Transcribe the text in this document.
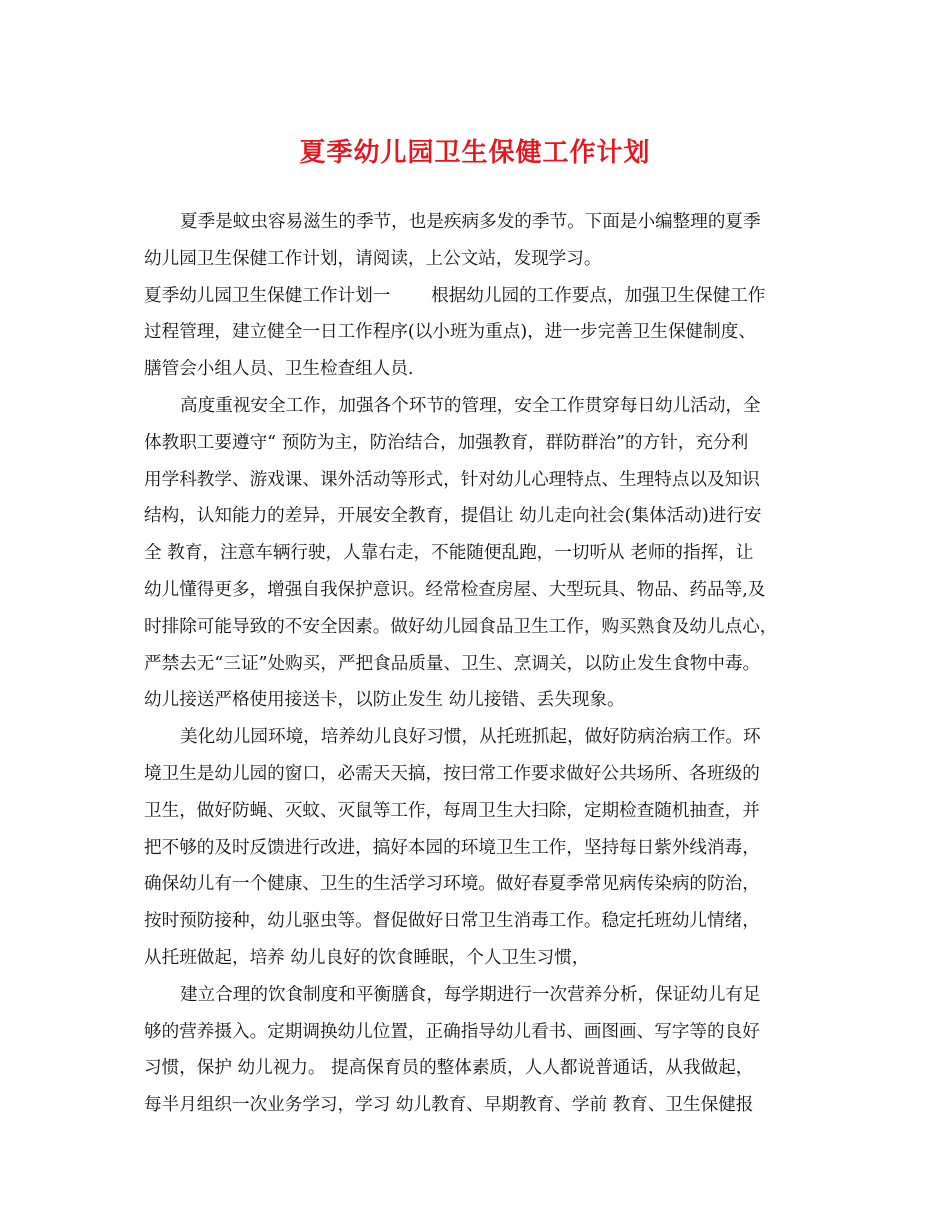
夏季幼儿园卫生保健工作计划

夏季是蚊虫容易滋生的季节，也是疾病多发的季节。下面是小编整理的夏季

幼儿园卫生保健工作计划，请阅读，上公文站，发现学习。

夏季幼儿园卫生保健工作计划一　　 根据幼儿园的工作要点，加强卫生保健工作

过程管理，建立健全一日工作程序(以小班为重点)，进一步完善卫生保健制度、

膳管会小组人员、卫生检查组人员.

高度重视安全工作，加强各个环节的管理，安全工作贯穿每日幼儿活动，全

体教职工要遵守“ 预防为主，防治结合，加强教育，群防群治”的方针，充分利

用学科教学、游戏课、课外活动等形式，针对幼儿心理特点、生理特点以及知识

结构，认知能力的差异，开展安全教育，提倡让 幼儿走向社会(集体活动)进行安

全 教育，注意车辆行驶，人靠右走，不能随便乱跑，一切听从 老师的指挥，让

幼儿懂得更多，增强自我保护意识。经常检查房屋、大型玩具、物品、药品等,及

时排除可能导致的不安全因素。做好幼儿园食品卫生工作，购买熟食及幼儿点心，

严禁去无“三证”处购买，严把食品质量、卫生、烹调关，以防止发生食物中毒。

幼儿接送严格使用接送卡，以防止发生 幼儿接错、丢失现象。

美化幼儿园环境，培养幼儿良好习惯，从托班抓起，做好防病治病工作。环

境卫生是幼儿园的窗口，必需天天搞，按曰常工作要求做好公共场所、各班级的

卫生，做好防蝇、灭蚊、灭鼠等工作，每周卫生大扫除，定期检查随机抽查，并

把不够的及时反馈进行改进，搞好本园的环境卫生工作，坚持每日紫外线消毒，

确保幼儿有一个健康、卫生的生活学习环境。做好春夏季常见病传染病的防治，

按时预防接种，幼儿驱虫等。督促做好日常卫生消毒工作。稳定托班幼儿情绪，

从托班做起，培养 幼儿良好的饮食睡眠，个人卫生习惯，

建立合理的饮食制度和平衡膳食，每学期进行一次营养分析，保证幼儿有足

够的营养摄入。定期调换幼儿位置，正确指导幼儿看书、画图画、写字等的良好

习惯，保护 幼儿视力。 提高保育员的整体素质，人人都说普通话，从我做起，

每半月组织一次业务学习，学习 幼儿教育、早期教育、学前 教育、卫生保健报
